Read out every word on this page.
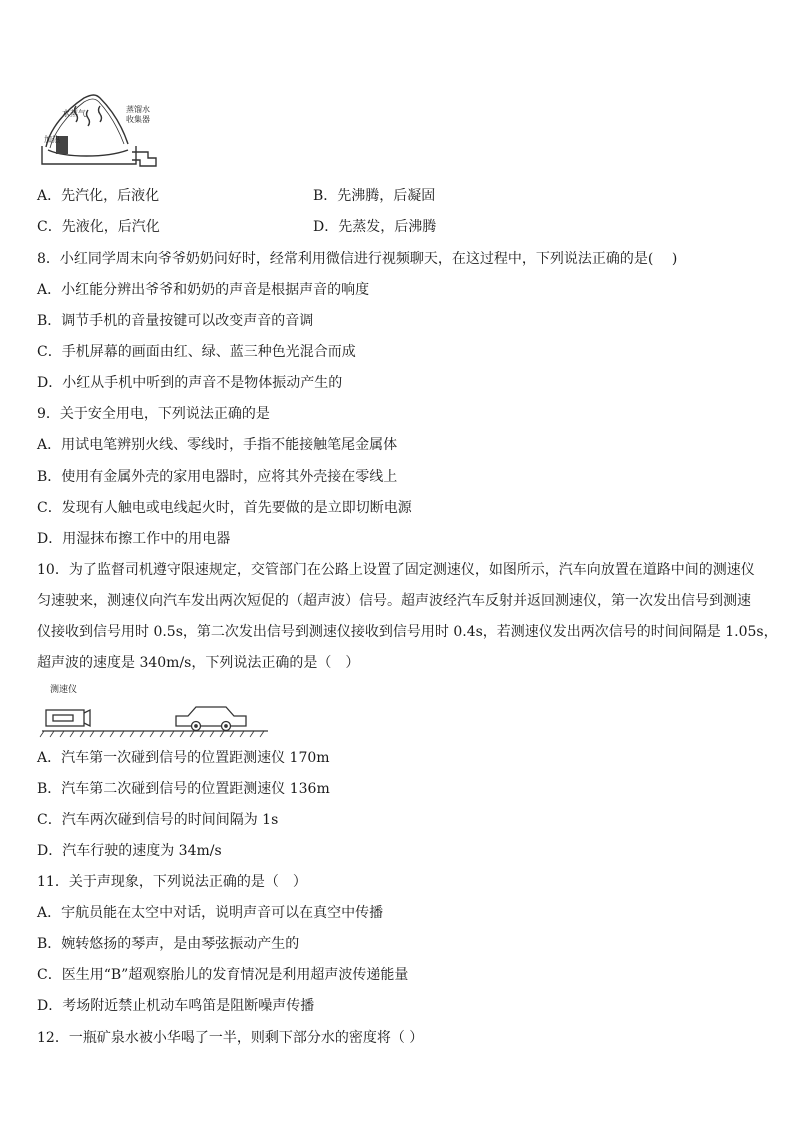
水蒸气
加热
蒸馏水
收集器
A．先汽化，后液化	B．先沸腾，后凝固
C．先液化，后汽化	D．先蒸发，后沸腾
8．小红同学周末向爷爷奶奶问好时，经常利用微信进行视频聊天，在这过程中，下列说法正确的是(　 )
A．小红能分辨出爷爷和奶奶的声音是根据声音的响度
B．调节手机的音量按键可以改变声音的音调
C．手机屏幕的画面由红、绿、蓝三种色光混合而成
D．小红从手机中听到的声音不是物体振动产生的
9．关于安全用电，下列说法正确的是
A．用试电笔辨别火线、零线时，手指不能接触笔尾金属体
B．使用有金属外壳的家用电器时，应将其外壳接在零线上
C．发现有人触电或电线起火时，首先要做的是立即切断电源
D．用湿抹布擦工作中的用电器
10．为了监督司机遵守限速规定，交管部门在公路上设置了固定测速仪，如图所示，汽车向放置在道路中间的测速仪
匀速驶来，测速仪向汽车发出两次短促的（超声波）信号。超声波经汽车反射并返回测速仪，第一次发出信号到测速
仪接收到信号用时 0.5s，第二次发出信号到测速仪接收到信号用时 0.4s，若测速仪发出两次信号的时间间隔是 1.05s，
超声波的速度是 340m/s，下列说法正确的是（　）
测速仪
A．汽车第一次碰到信号的位置距测速仪 170m
B．汽车第二次碰到信号的位置距测速仪 136m
C．汽车两次碰到信号的时间间隔为 1s
D．汽车行驶的速度为 34m/s
11．关于声现象，下列说法正确的是（　）
A．宇航员能在太空中对话，说明声音可以在真空中传播
B．婉转悠扬的琴声，是由琴弦振动产生的
C．医生用“B”超观察胎儿的发育情况是利用超声波传递能量
D．考场附近禁止机动车鸣笛是阻断噪声传播
12．一瓶矿泉水被小华喝了一半，则剩下部分水的密度将（ ）
